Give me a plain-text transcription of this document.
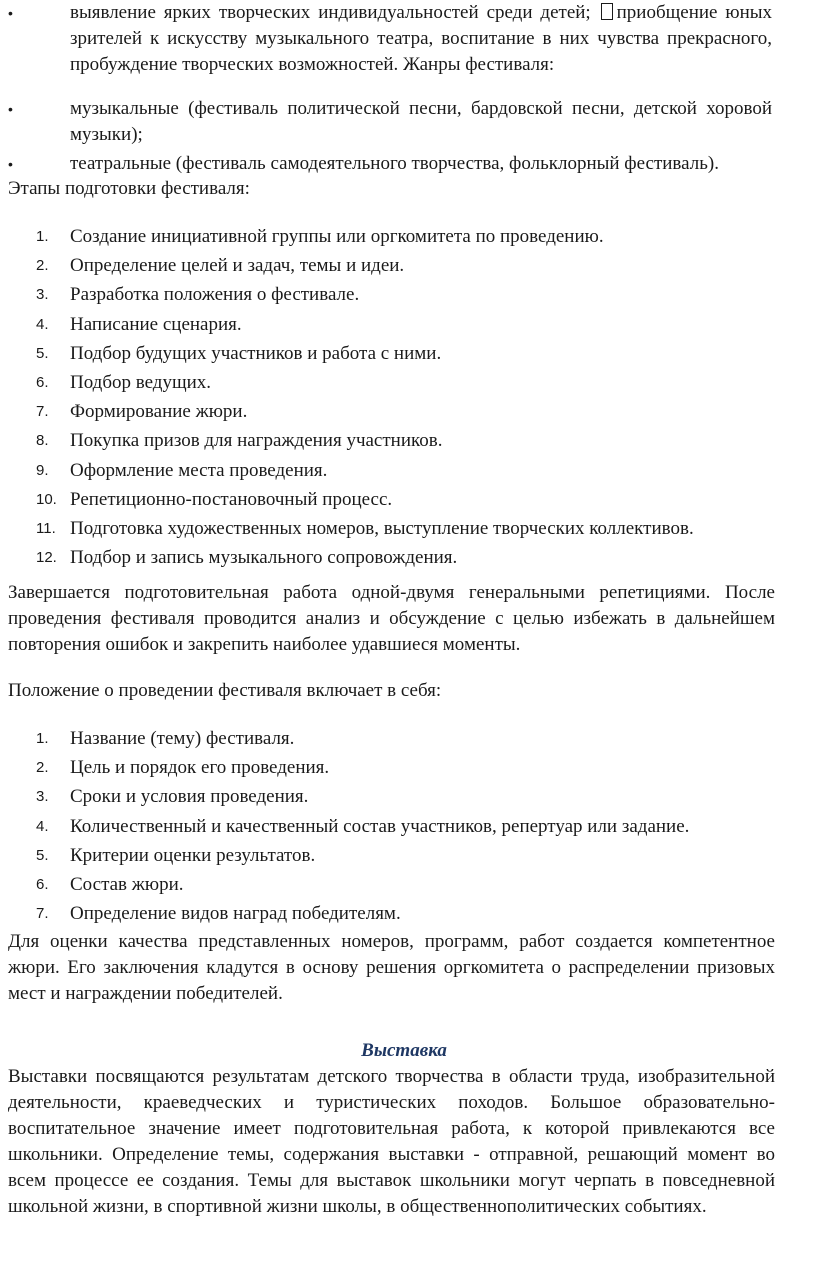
•	выявление ярких творческих индивидуальностей среди детей; приобщение юных зрителей к искусству музыкального театра, воспитание в них чувства прекрасного, пробуждение творческих возможностей. Жанры фестиваля:
•	музыкальные (фестиваль политической песни, бардовской песни, детской хоровой музыки);
•	театральные (фестиваль самодеятельного творчества, фольклорный фестиваль).
Этапы подготовки фестиваля:
1. Создание инициативной группы или оргкомитета по проведению.
2. Определение целей и задач, темы и идеи.
3. Разработка положения о фестивале.
4. Написание сценария.
5. Подбор будущих участников и работа с ними.
6. Подбор ведущих.
7. Формирование жюри.
8. Покупка призов для награждения участников.
9. Оформление места проведения.
10. Репетиционно-постановочный процесс.
11. Подготовка художественных номеров, выступление творческих коллективов.
12. Подбор и запись музыкального сопровождения.
Завершается подготовительная работа одной-двумя генеральными репетициями. После проведения фестиваля проводится анализ и обсуждение с целью избежать в дальнейшем повторения ошибок и закрепить наиболее удавшиеся моменты.
Положение о проведении фестиваля включает в себя:
1. Название (тему) фестиваля.
2. Цель и порядок его проведения.
3. Сроки и условия проведения.
4. Количественный и качественный состав участников, репертуар или задание.
5. Критерии оценки результатов.
6. Состав жюри.
7. Определение видов наград победителям.
Для оценки качества представленных номеров, программ, работ создается компетентное жюри. Его заключения кладутся в основу решения оргкомитета о распределении призовых мест и награждении победителей.
Выставка
Выставки посвящаются результатам детского творчества в области труда, изобразительной деятельности, краеведческих и туристических походов. Большое образовательно-воспитательное значение имеет подготовительная работа, к которой привлекаются все школьники. Определение темы, содержания выставки - отправной, решающий момент во всем процессе ее создания. Темы для выставок школьники могут черпать в повседневной школьной жизни, в спортивной жизни школы, в общественнополитических событиях.
